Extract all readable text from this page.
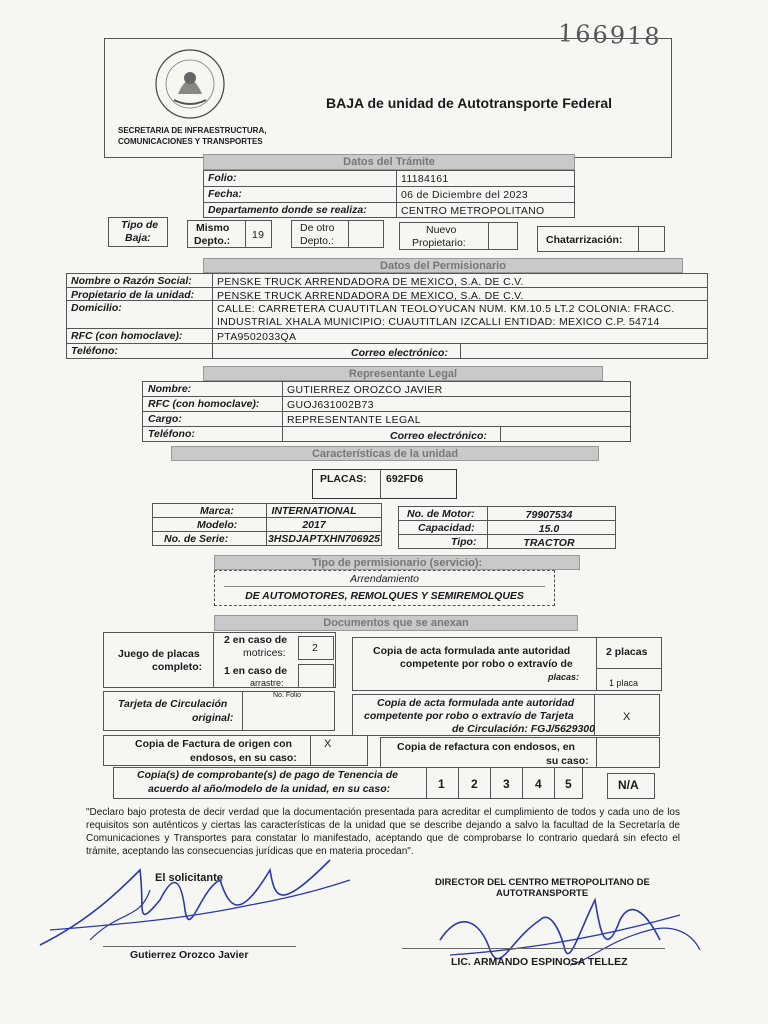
166918
SECRETARIA DE INFRAESTRUCTURA,
COMUNICACIONES Y TRANSPORTES
BAJA de unidad de Autotransporte Federal
Datos del Trámite
Folio:	11184161
Fecha:	06 de Diciembre del 2023
Departamento donde se realiza:	CENTRO METROPOLITANO
Tipo de
Baja:
Mismo
Depto.: 19
De otro
Depto.:
Nuevo
Propietario:	Chatarrización:
Datos del Permisionario
Nombre o Razón Social: PENSKE TRUCK ARRENDADORA DE MEXICO, S.A. DE C.V.
Propietario de la unidad: PENSKE TRUCK ARRENDADORA DE MEXICO, S.A. DE C.V.
Domicilio:	CALLE: CARRETERA CUAUTITLAN TEOLOYUCAN NUM. KM.10.5 LT.2 COLONIA: FRACC.
INDUSTRIAL XHALA MUNICIPIO: CUAUTITLAN IZCALLI ENTIDAD: MEXICO C.P. 54714
RFC (con homoclave):	PTA9502033QA
Teléfono:	Correo electrónico:
Representante Legal
Nombre:	GUTIERREZ OROZCO JAVIER
RFC (con homoclave):	GUOJ631002B73
Cargo:	REPRESENTANTE LEGAL
Teléfono:	Correo electrónico:
Características de la unidad
PLACAS: 692FD6
Marca:	INTERNATIONAL
Modelo:	2017
No. de Serie:	3HSDJAPTXHN706925
No. de Motor:	79907534
Capacidad:	15.0
Tipo:	TRACTOR
Tipo de permisionario (servicio):
Arrendamiento
DE AUTOMOTORES, REMOLQUES Y SEMIREMOLQUES
Documentos que se anexan
Juego de placas
completo:
2 en caso de
motrices:	2
1 en caso de
arrastre:
Copia de acta formulada ante autoridad
competente por robo o extravío de
placas:
2 placas
1 placa
Tarjeta de Circulación
original:
No. Folio
Copia de acta formulada ante autoridad
competente por robo o extravío de Tarjeta
de Circulación: FGJ/5629300
X
Copia de Factura de origen con
endosos, en su caso:
X	Copia de refactura con endosos, en
su caso:
Copia(s) de comprobante(s) de pago de Tenencia de
acuerdo al año/modelo de la unidad, en su caso:	1 2 3 4 5	N/A
"Declaro bajo protesta de decir verdad que la documentación presentada para acreditar el cumplimiento de todos y cada uno de los requisitos son auténticos y ciertas las características de la unidad que se describe dejando a salvo la facultad de la Secretaría de Comunicaciones y Transportes para constatar lo manifestado, aceptando que de comprobarse lo contrario quedará sin efecto el trámite, aceptando las consecuencias jurídicas que en materia procedan".
El solicitante
Gutierrez Orozco Javier
DIRECTOR DEL CENTRO METROPOLITANO DE
AUTOTRANSPORTE
LIC. ARMANDO ESPINOSA TELLEZ
